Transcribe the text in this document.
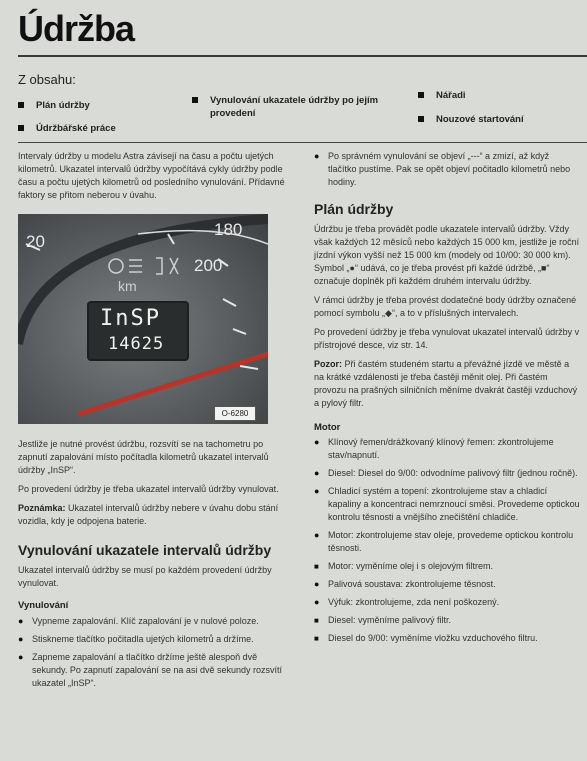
Údržba
Z obsahu:
Plán údržby	Vynulování ukazatele údržby po jejím provedení
Nářadi
Údržbářské práce
Nouzové startování

Intervaly údržby u modelu Astra závisejí na času a počtu ujetých kilometrů. Ukazatel intervalů údržby vypočítává cykly údržby podle času a počtu ujetých kilometrů od posledního vynulování. Přídavné faktory se přitom neberou v úvahu.

20
180
200
km
InSP
14625
O-6280

Jestliže je nutné provést údržbu, rozsvítí se na tachometru po zapnutí zapalování místo počítadla kilometrů ukazatel intervalů údržby „InSP“.

Po provedení údržby je třeba ukazatel intervalů údržby vynulovat.

Poznámka: Ukazatel intervalů údržby nebere v úvahu dobu stání vozidla, kdy je odpojena baterie.

Vynulování ukazatele intervalů údržby

Ukazatel intervalů údržby se musí po každém provedení údržby vynulovat.

Vynulování
● Vypneme zapalování. Klíč zapalování je v nulové poloze.
● Stiskneme tlačítko počitadla ujetých kilometrů a držíme.
● Zapneme zapalování a tlačítko držíme ještě alespoň dvě sekundy. Po zapnutí zapalování se na asi dvě sekundy rozsvítí ukazatel „InSP“.
● Po správném vynulování se objeví „---“ a zmizí, až když tlačítko pustíme. Pak se opět objeví počitadlo kilometrů nebo hodiny.
Plán údržby

Údržbu je třeba provádět podle ukazatele intervalů údržby. Vždy však každých 12 měsíců nebo každých 15 000 km, jestliže je roční jízdní výkon vyšší než 15 000 km (modely od 10/00: 30 000 km). Symbol „●“ udává, co je třeba provést při každé údržbě, „■“ označuje doplněk při každém druhém intervalu údržby.

V rámci údržby je třeba provést dodatečné body údržby označené pomocí symbolu „◆“, a to v příslušných intervalech.

Po provedení údržby je třeba vynulovat ukazatel intervalů údržby v přístrojové desce, viz str. 14.

Pozor: Při častém studeném startu a převážné jízdě ve městě a na krátké vzdálenosti je třeba častěji měnit olej. Při častém provozu na prašných silničních měníme dvakrát častěji vzduchový a pylový filtr.

Motor
● Klínový řemen/drážkovaný klínový řemen: zkontrolujeme stav/napnutí.
● Diesel: Diesel do 9/00: odvodníme palivový filtr (jednou ročně).
● Chladicí systém a topení: zkontrolujeme stav a chladicí kapaliny a koncentraci nemrznoucí směsi. Provedeme optickou kontrolu těsnosti a vnějšího znečištění chladiče.
● Motor: zkontrolujeme stav oleje, provedeme optickou kontrolu těsnosti.
■ Motor: vyměníme olej i s olejovým filtrem.
● Palivová soustava: zkontrolujeme těsnost.
● Výfuk: zkontrolujeme, zda není poškozený.
■ Diesel: vyměníme palivový filtr.
■ Diesel do 9/00: vyměníme vložku vzduchového filtru.
